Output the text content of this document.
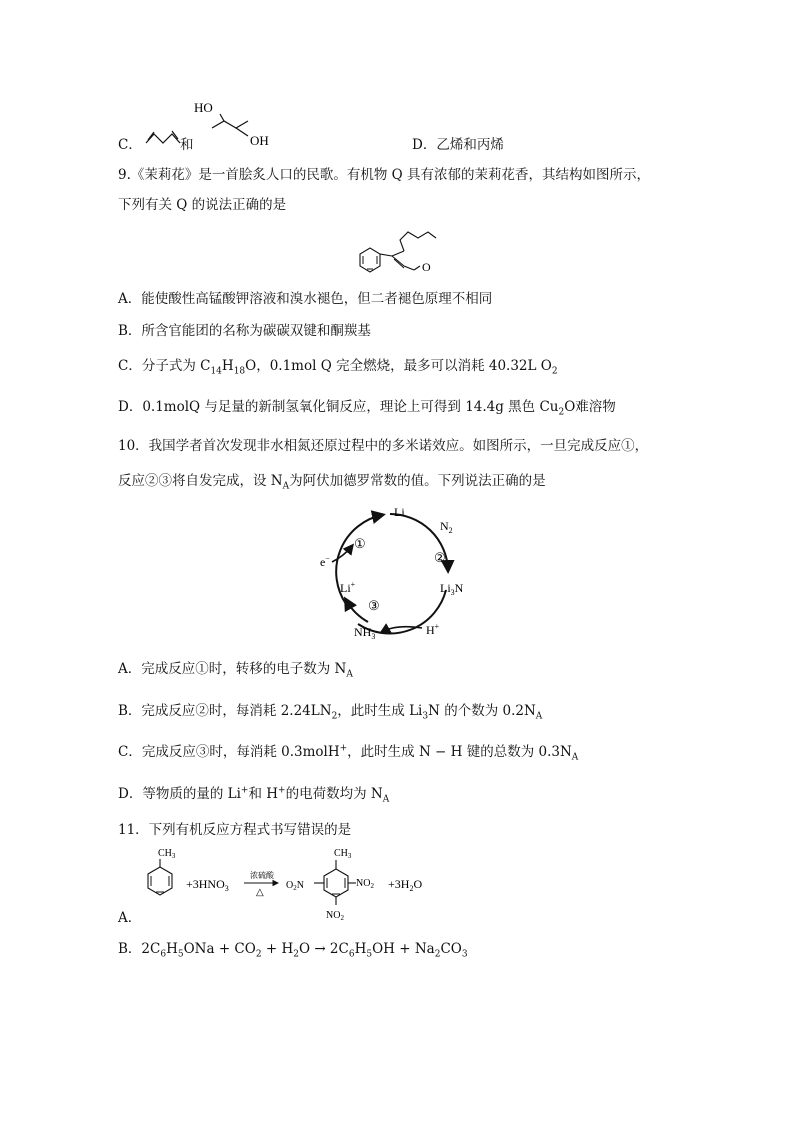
C．	和
HO
OH	D．乙烯和丙烯
9.《茉莉花》是一首脍炙人口的民歌。有机物 Q 具有浓郁的茉莉花香，其结构如图所示，
下列有关 Q 的说法正确的是
O
A．能使酸性高锰酸钾溶液和溴水褪色，但二者褪色原理不相同
B．所含官能团的名称为碳碳双键和酮羰基
C．分子式为 $C_{14}H_{18}O$，0.1mol Q 完全燃烧，最多可以消耗 40.32L $O_2$
D．0.1molQ 与足量的新制氢氧化铜反应，理论上可得到 14.4g 黑色 $Cu_2O$难溶物
10．我国学者首次发现非水相氮还原过程中的多米诺效应。如图所示，一旦完成反应①，
反应②③将自发完成，设 $N_A$为阿伏加德罗常数的值。下列说法正确的是
Li
$N_2$
e−
Li+	$Li_3N$
$NH_3$	H+
①
②
③
A．完成反应①时，转移的电子数为 $N_A$
B．完成反应②时，每消耗 $2.24LN_2$，此时生成 $Li_3N$ 的个数为 $0.2N_A$
C．完成反应③时，每消耗 0.3molH+，此时生成 N − H 键的总数为 $0.3N_A$
D．等物质的量的 Li+和 H+的电荷数均为 $N_A$
11．下列有机反应方程式书写错误的是
$CH_3$
$+3HNO_3$
浓硫酸
△
$O_2N$
$CH_3$
$NO_2$
$NO_2$
$+3H_2O$
A．
B．$2C_6H_5ONa + CO_2 + H_2O \to 2C_6H_5OH + Na_2CO_3$
